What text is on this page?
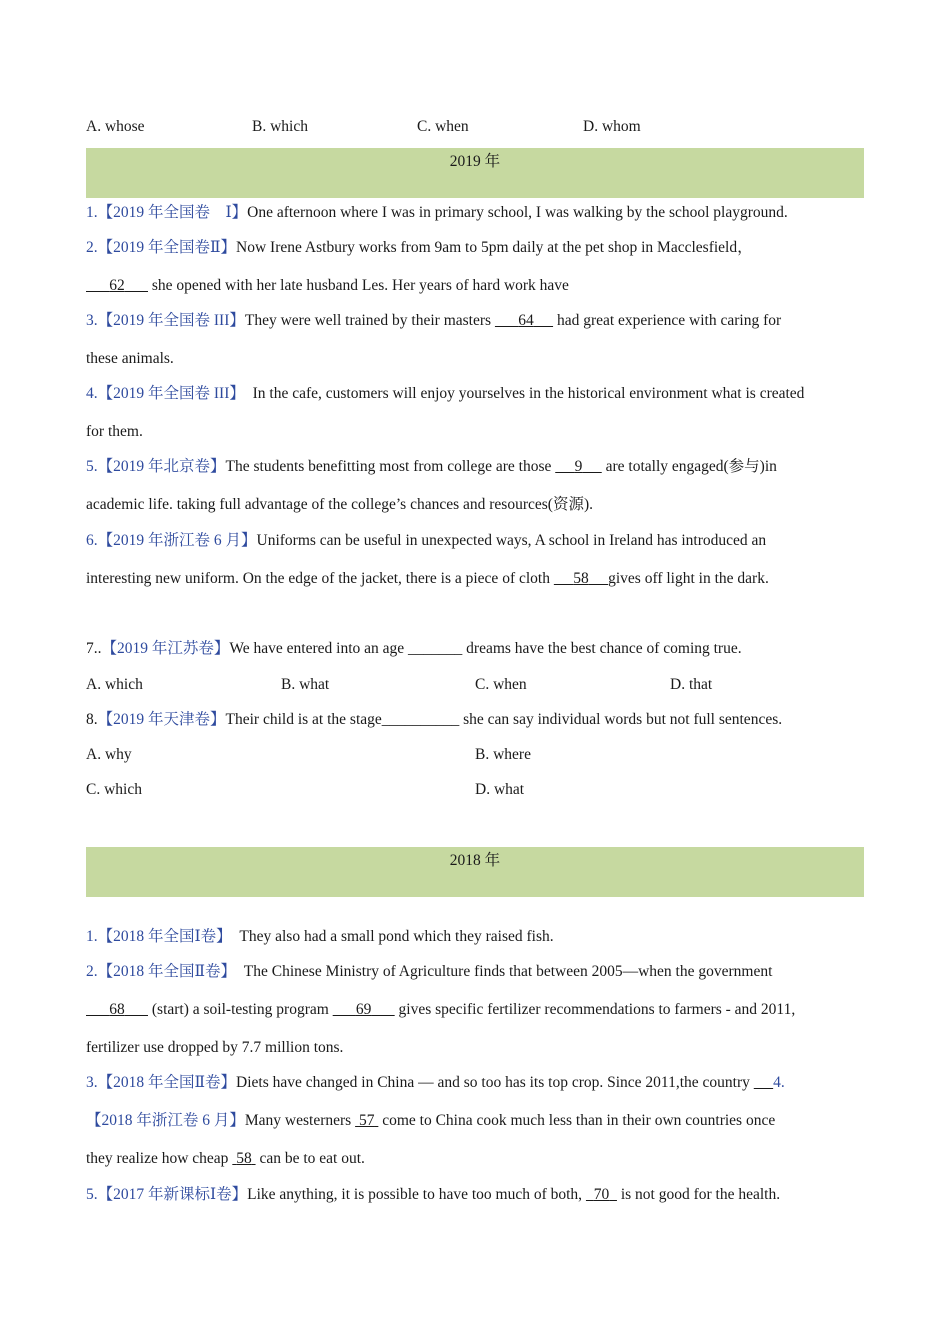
A. whose	B. which	C. when	D. whom
2019 年
1.【2019 年全国卷　Ⅰ】One afternoon where I was in primary school, I was walking by the school playground.
2.【2019 年全国卷Ⅱ】Now Irene Astbury works from 9am to 5pm daily at the pet shop in Macclesfield，
62       she opened with her late husband Les. Her years of hard work have
3.【2019 年全国卷 III】They were well trained by their masters       64      had great experience with caring for
these animals.
4.【2019 年全国卷 III】  In the cafe, customers will enjoy yourselves in the historical environment what is created
for them.
5.【2019 年北京卷】The students benefitting most from college are those      9      are totally engaged(参与)in
academic life. taking full advantage of the college’s chances and resources(资源).
6.【2019 年浙江卷 6 月】Uniforms can be useful in unexpected ways, A school in Ireland has introduced an
interesting new uniform. On the edge of the jacket, there is a piece of cloth      58 gives off light in the dark.
7..【2019 年江苏卷】We have entered into an age _______ dreams have the best chance of coming true.
A. which	B. what	C. when	D. that
8.【2019 年天津卷】Their child is at the stage__________ she can say individual words but not full sentences.
A. why	B. where
C. which	D. what
2018 年
1.【2018 年全国Ⅰ卷】  They also had a small pond which they raised fish.
2.【2018 年全国Ⅱ卷】  The Chinese Ministry of Agriculture finds that between 2005—when the government
68       (start) a soil-testing program       69       gives specific fertilizer recommendations to farmers - and 2011,
fertilizer use dropped by 7.7 million tons.
3.【2018 年全国Ⅱ卷】Diets have changed in China — and so too has its top crop. Since 2011,the country      4.
【2018 年浙江卷 6 月】Many westerners  57  come to China cook much less than in their own countries once
they realize how cheap  58  can be to eat out.
5.【2017 年新课标Ⅰ卷】Like anything, it is possible to have too much of both,   70   is not good for the health.
